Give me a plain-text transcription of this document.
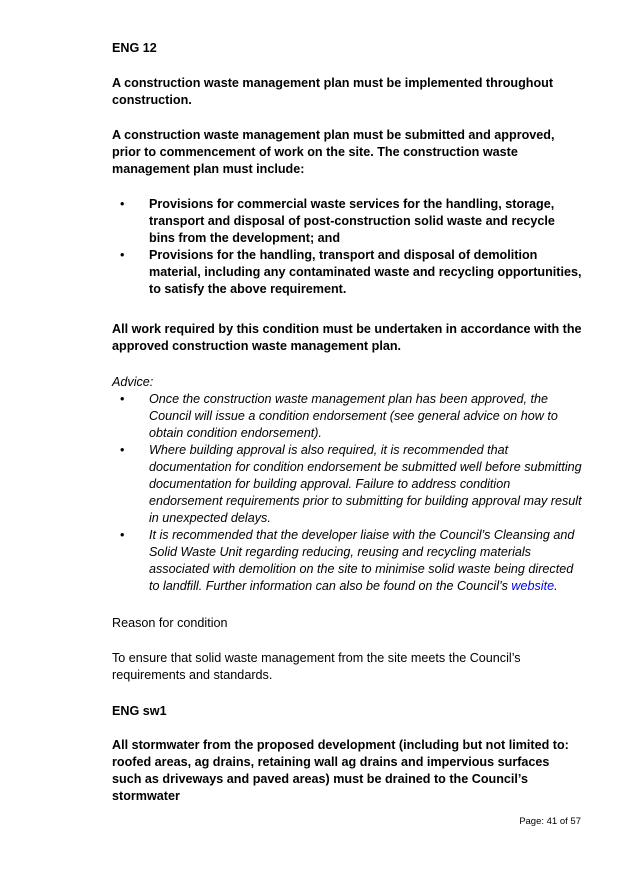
ENG 12

A construction waste management plan must be implemented throughout construction.

A construction waste management plan must be submitted and approved, prior to commencement of work on the site. The construction waste management plan must include:

• Provisions for commercial waste services for the handling, storage, transport and disposal of post-construction solid waste and recycle bins from the development; and
• Provisions for the handling, transport and disposal of demolition material, including any contaminated waste and recycling opportunities, to satisfy the above requirement.

All work required by this condition must be undertaken in accordance with the approved construction waste management plan.

Advice:

• Once the construction waste management plan has been approved, the Council will issue a condition endorsement (see general advice on how to obtain condition endorsement).
• Where building approval is also required, it is recommended that documentation for condition endorsement be submitted well before submitting documentation for building approval. Failure to address condition endorsement requirements prior to submitting for building approval may result in unexpected delays.
• It is recommended that the developer liaise with the Council’s Cleansing and Solid Waste Unit regarding reducing, reusing and recycling materials associated with demolition on the site to minimise solid waste being directed to landfill. Further information can also be found on the Council’s website.

Reason for condition

To ensure that solid waste management from the site meets the Council’s requirements and standards.

ENG sw1

All stormwater from the proposed development (including but not limited to: roofed areas, ag drains, retaining wall ag drains and impervious surfaces such as driveways and paved areas) must be drained to the Council’s stormwater

Page: 41 of 57
